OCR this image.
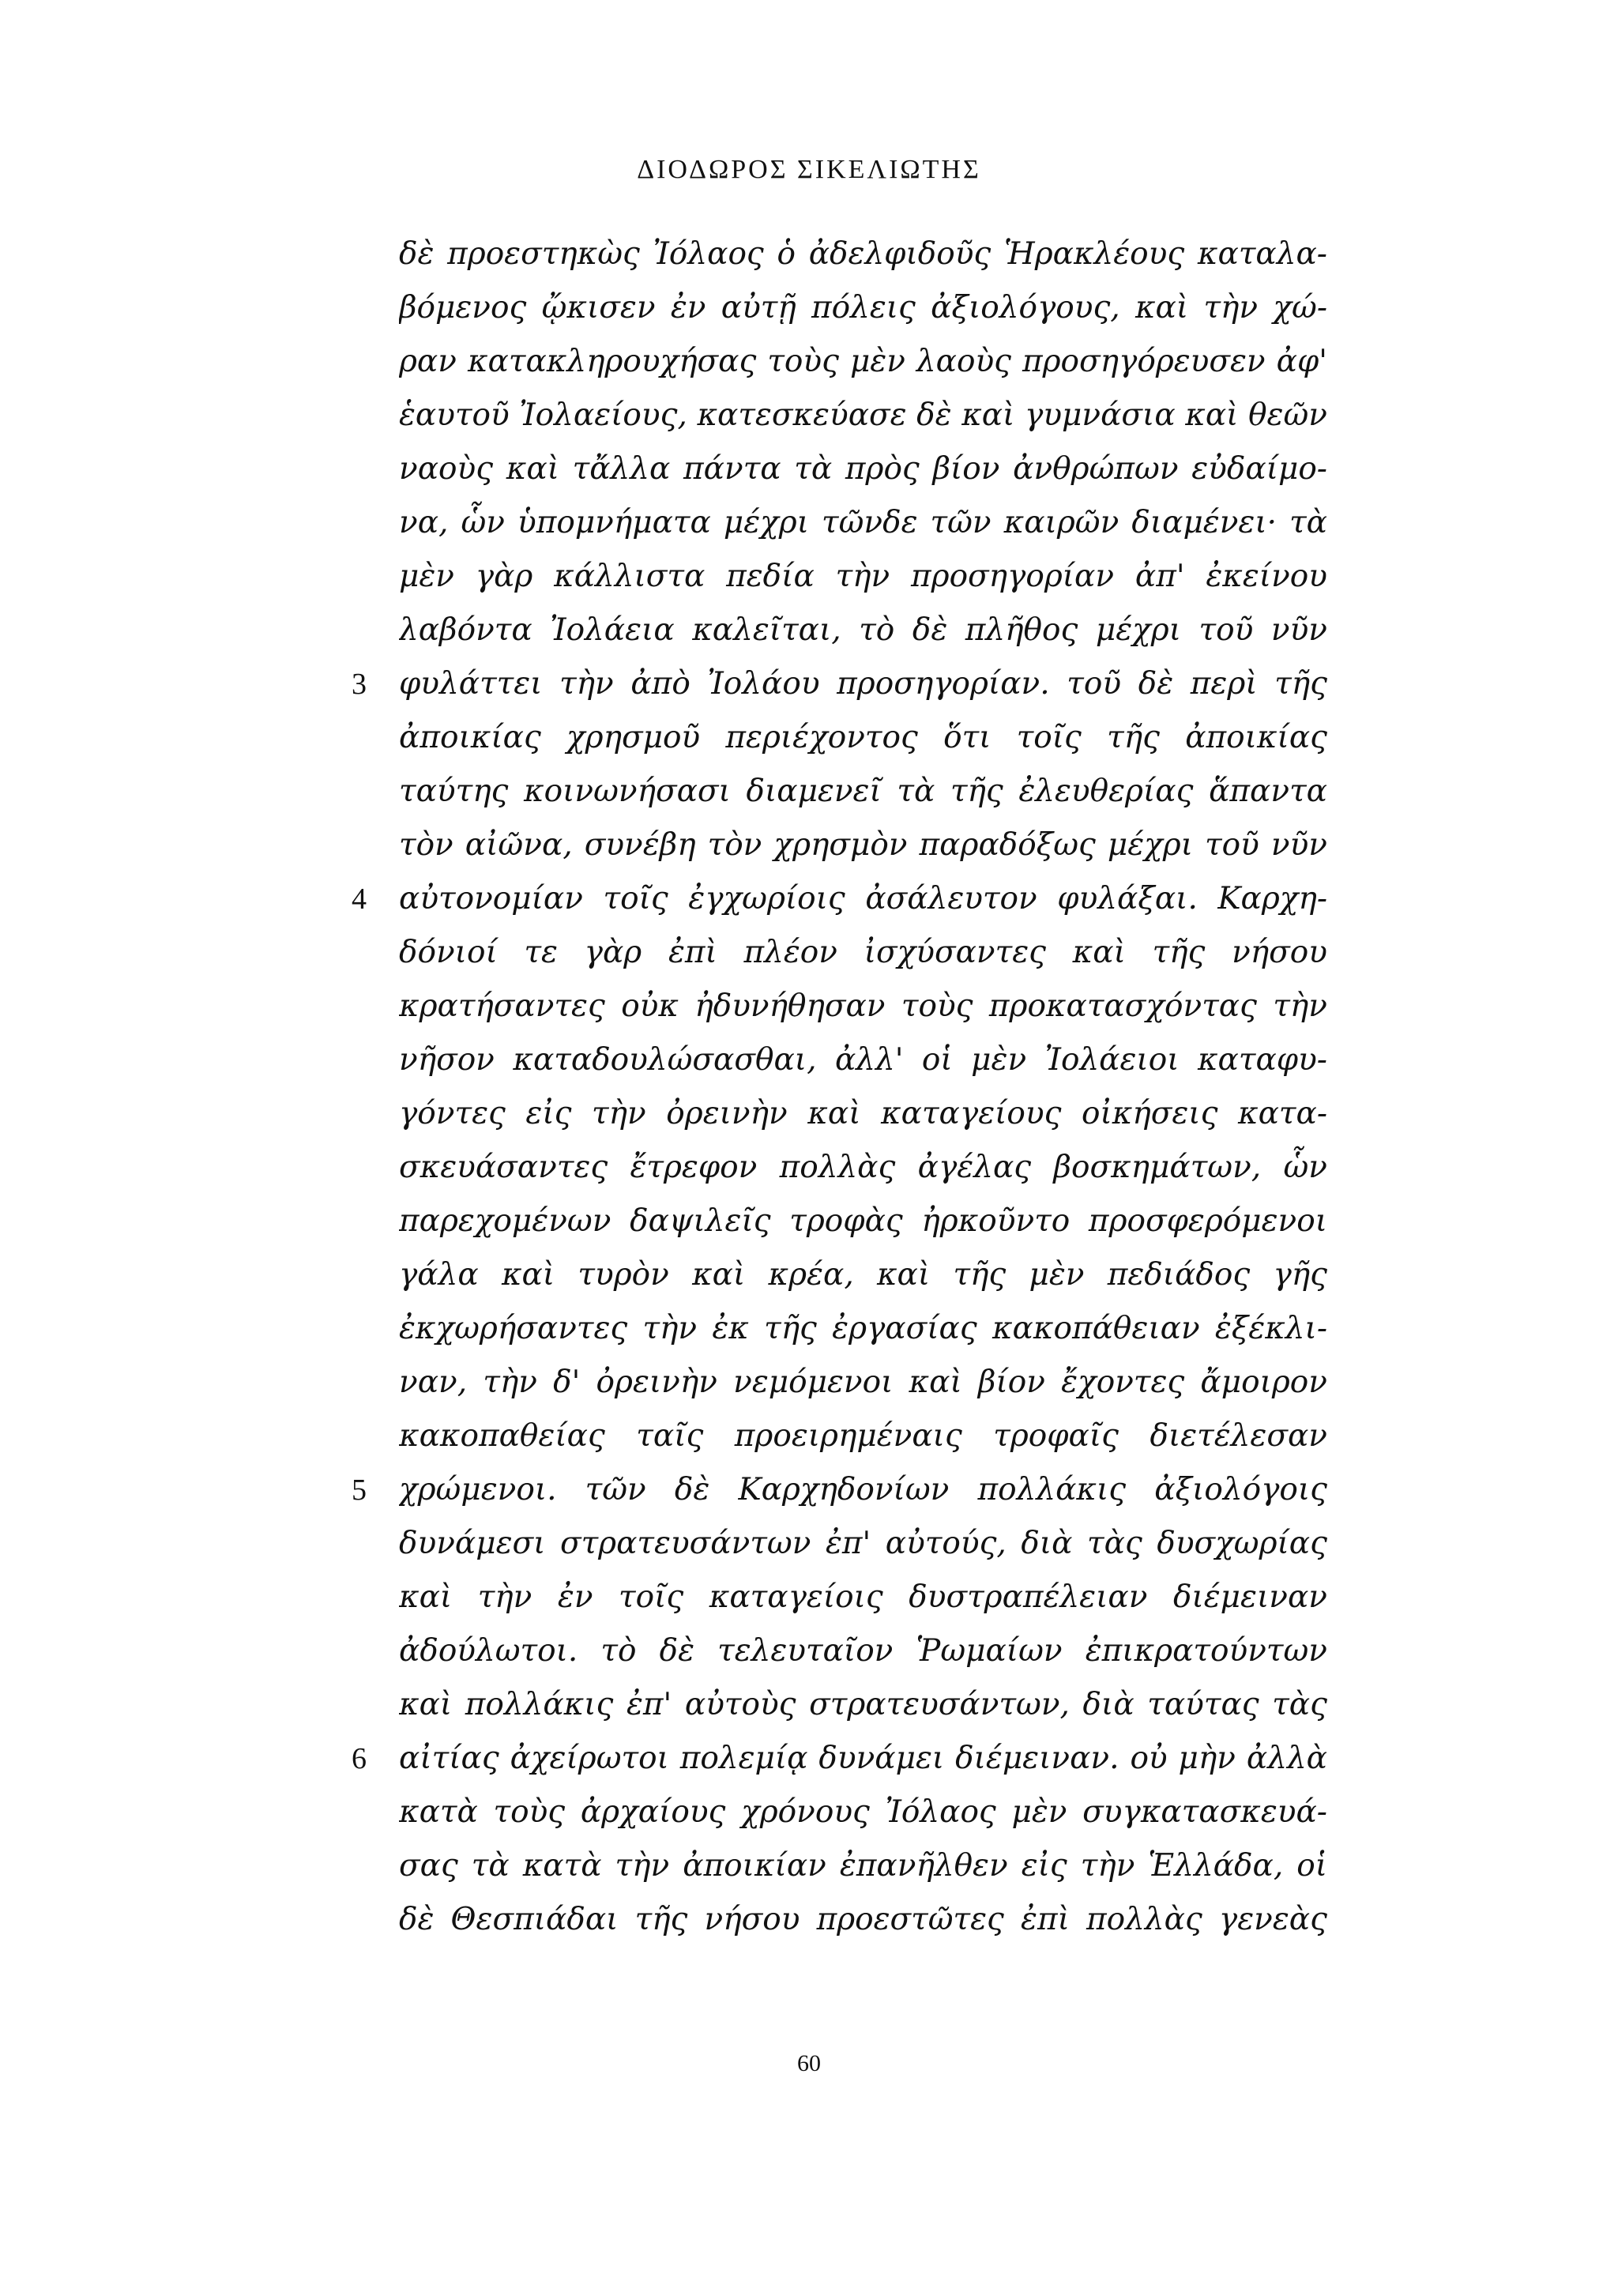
ΔΙΟΔΩΡΟΣ ΣΙΚΕΛΙΩΤΗΣ
δὲ προεστηκὼς Ἰόλαος ὁ ἀδελφιδοῦς Ἡρακλέους καταλα-
βόμενος ᾤκισεν ἐν αὐτῇ πόλεις ἀξιολόγους, καὶ τὴν χώ-
ραν κατακληρουχήσας τοὺς μὲν λαοὺς προσηγόρευσεν ἀφ'
ἑαυτοῦ Ἰολαείους, κατεσκεύασε δὲ καὶ γυμνάσια καὶ θεῶν
ναοὺς καὶ τἄλλα πάντα τὰ πρὸς βίον ἀνθρώπων εὐδαίμο-
να, ὧν ὑπομνήματα μέχρι τῶνδε τῶν καιρῶν διαμένει· τὰ
μὲν γὰρ κάλλιστα πεδία τὴν προσηγορίαν ἀπ' ἐκείνου
λαβόντα Ἰολάεια καλεῖται, τὸ δὲ πλῆθος μέχρι τοῦ νῦν
3 φυλάττει τὴν ἀπὸ Ἰολάου προσηγορίαν. τοῦ δὲ περὶ τῆς
ἀποικίας χρησμοῦ περιέχοντος ὅτι τοῖς τῆς ἀποικίας
ταύτης κοινωνήσασι διαμενεῖ τὰ τῆς ἐλευθερίας ἅπαντα
τὸν αἰῶνα, συνέβη τὸν χρησμὸν παραδόξως μέχρι τοῦ νῦν
4 αὐτονομίαν τοῖς ἐγχωρίοις ἀσάλευτον φυλάξαι. Καρχη-
δόνιοί τε γὰρ ἐπὶ πλέον ἰσχύσαντες καὶ τῆς νήσου
κρατήσαντες οὐκ ἠδυνήθησαν τοὺς προκατασχόντας τὴν
νῆσον καταδουλώσασθαι, ἀλλ' οἱ μὲν Ἰολάειοι καταφυ-
γόντες εἰς τὴν ὀρεινὴν καὶ καταγείους οἰκήσεις κατα-
σκευάσαντες ἔτρεφον πολλὰς ἀγέλας βοσκημάτων, ὧν
παρεχομένων δαψιλεῖς τροφὰς ἠρκοῦντο προσφερόμενοι
γάλα καὶ τυρὸν καὶ κρέα, καὶ τῆς μὲν πεδιάδος γῆς
ἐκχωρήσαντες τὴν ἐκ τῆς ἐργασίας κακοπάθειαν ἐξέκλι-
ναν, τὴν δ' ὀρεινὴν νεμόμενοι καὶ βίον ἔχοντες ἄμοιρον
κακοπαθείας ταῖς προειρημέναις τροφαῖς διετέλεσαν
5 χρώμενοι. τῶν δὲ Καρχηδονίων πολλάκις ἀξιολόγοις
δυνάμεσι στρατευσάντων ἐπ' αὐτούς, διὰ τὰς δυσχωρίας
καὶ τὴν ἐν τοῖς καταγείοις δυστραπέλειαν διέμειναν
ἀδούλωτοι. τὸ δὲ τελευταῖον Ῥωμαίων ἐπικρατούντων
καὶ πολλάκις ἐπ' αὐτοὺς στρατευσάντων, διὰ ταύτας τὰς
6 αἰτίας ἀχείρωτοι πολεμίᾳ δυνάμει διέμειναν. οὐ μὴν ἀλλὰ
κατὰ τοὺς ἀρχαίους χρόνους Ἰόλαος μὲν συγκατασκευά-
σας τὰ κατὰ τὴν ἀποικίαν ἐπανῆλθεν εἰς τὴν Ἑλλάδα, οἱ
δὲ Θεσπιάδαι τῆς νήσου προεστῶτες ἐπὶ πολλὰς γενεὰς
60
